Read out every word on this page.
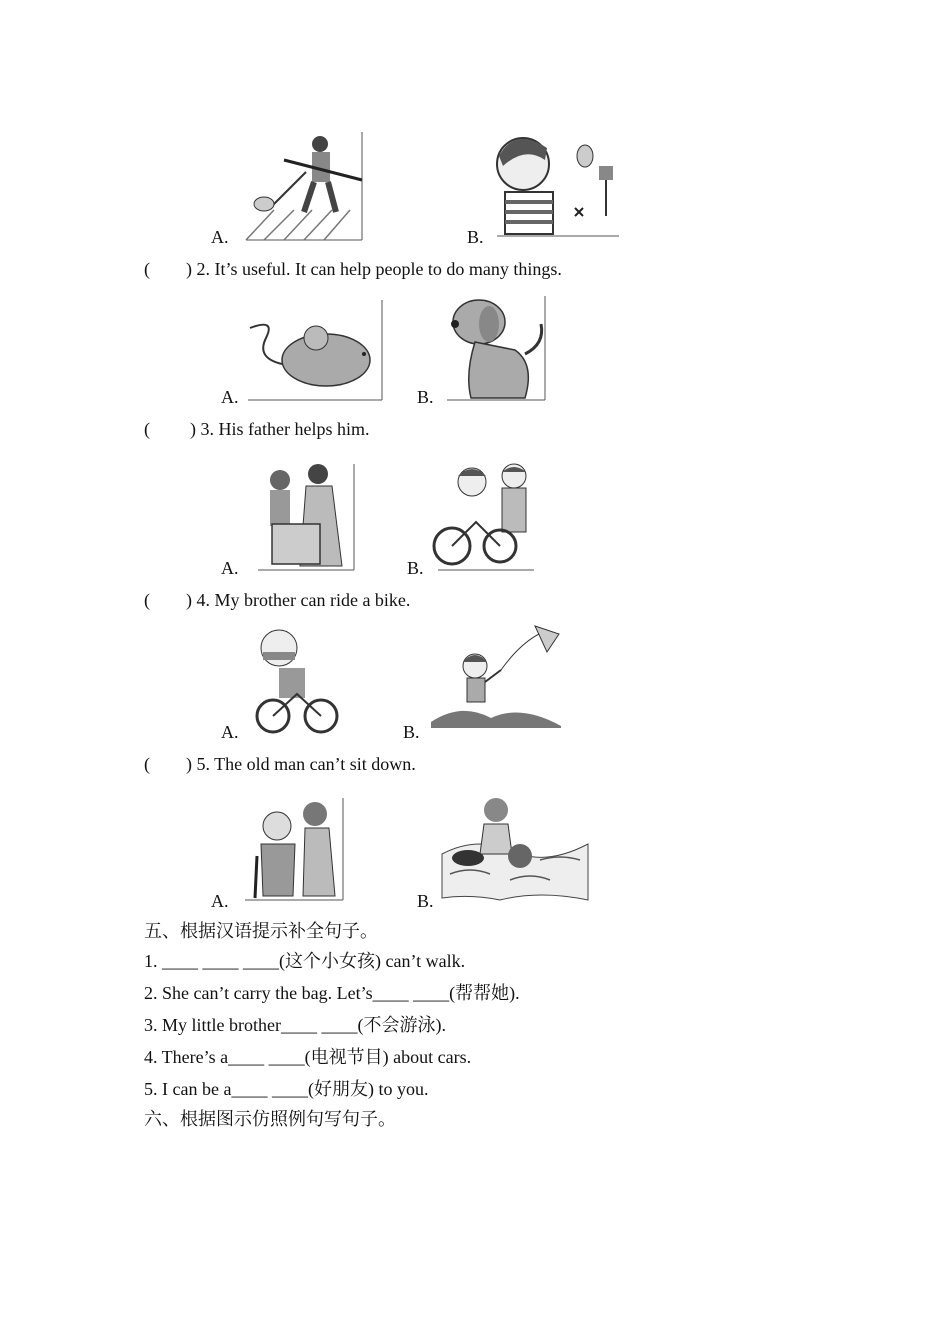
A.	B.
( ) 2. It’s useful. It can help people to do many things.
A.	B.
( ) 3. His father helps him.
A.	B.
( ) 4. My brother can ride a bike.
A.	B.
( ) 5. The old man can’t sit down.
A.	B.
五、根据汉语提示补全句子。
1. ____ ____ ____(这个小女孩) can’t walk.
2. She can’t carry the bag. Let’s____ ____(帮帮她).
3. My little brother____ ____(不会游泳).
4. There’s a____ ____(电视节目) about cars.
5. I can be a____ ____(好朋友) to you.
六、根据图示仿照例句写句子。
